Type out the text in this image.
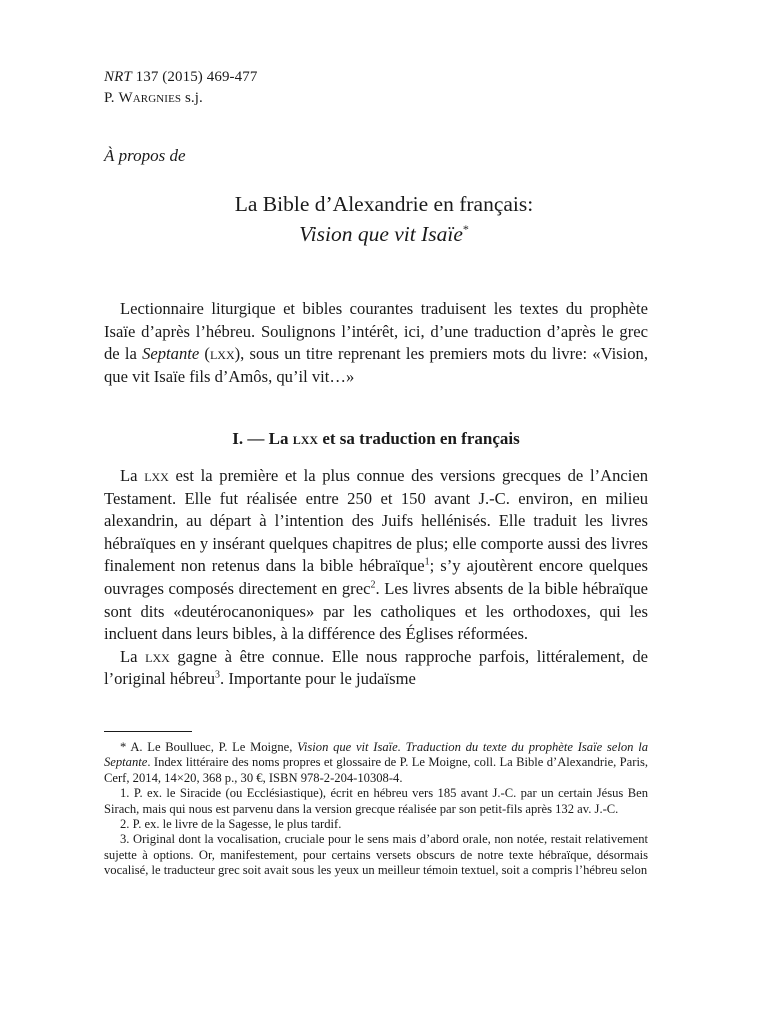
NRT 137 (2015) 469-477
P. Wargnies s.j.
À propos de
La Bible d’Alexandrie en français:
Vision que vit Isaïe*

Lectionnaire liturgique et bibles courantes traduisent les textes du prophète Isaïe d’après l’hébreu. Soulignons l’intérêt, ici, d’une traduction d’après le grec de la Septante (lxx), sous un titre reprenant les premiers mots du livre: «Vision, que vit Isaïe fils d’Amôs, qu’il vit…»

I. — La lxx et sa traduction en français

La lxx est la première et la plus connue des versions grecques de l’Ancien Testament. Elle fut réalisée entre 250 et 150 avant J.-C. environ, en milieu alexandrin, au départ à l’intention des Juifs hellénisés. Elle traduit les livres hébraïques en y insérant quelques chapitres de plus; elle comporte aussi des livres finalement non retenus dans la bible hébraïque$^1$; s’y ajoutèrent encore quelques ouvrages composés directement en grec$^2$. Les livres absents de la bible hébraïque sont dits «deutérocanoniques» par les catholiques et les orthodoxes, qui les incluent dans leurs bibles, à la différence des Églises réformées.

La lxx gagne à être connue. Elle nous rapproche parfois, littéralement, de l’original hébreu$^3$. Importante pour le judaïsme

* A. Le Boulluec, P. Le Moigne, Vision que vit Isaïe. Traduction du texte du prophète Isaïe selon la Septante. Index littéraire des noms propres et glossaire de P. Le Moigne, coll. La Bible d’Alexandrie, Paris, Cerf, 2014, 14×20, 368 p., 30 €, ISBN 978-2-204-10308-4.

1. P. ex. le Siracide (ou Ecclésiastique), écrit en hébreu vers 185 avant J.-C. par un certain Jésus Ben Sirach, mais qui nous est parvenu dans la version grecque réalisée par son petit-fils après 132 av. J.-C.

2. P. ex. le livre de la Sagesse, le plus tardif.

3. Original dont la vocalisation, cruciale pour le sens mais d’abord orale, non notée, restait relativement sujette à options. Or, manifestement, pour certains versets obscurs de notre texte hébraïque, désormais vocalisé, le traducteur grec soit avait sous les yeux un meilleur témoin textuel, soit a compris l’hébreu selon
